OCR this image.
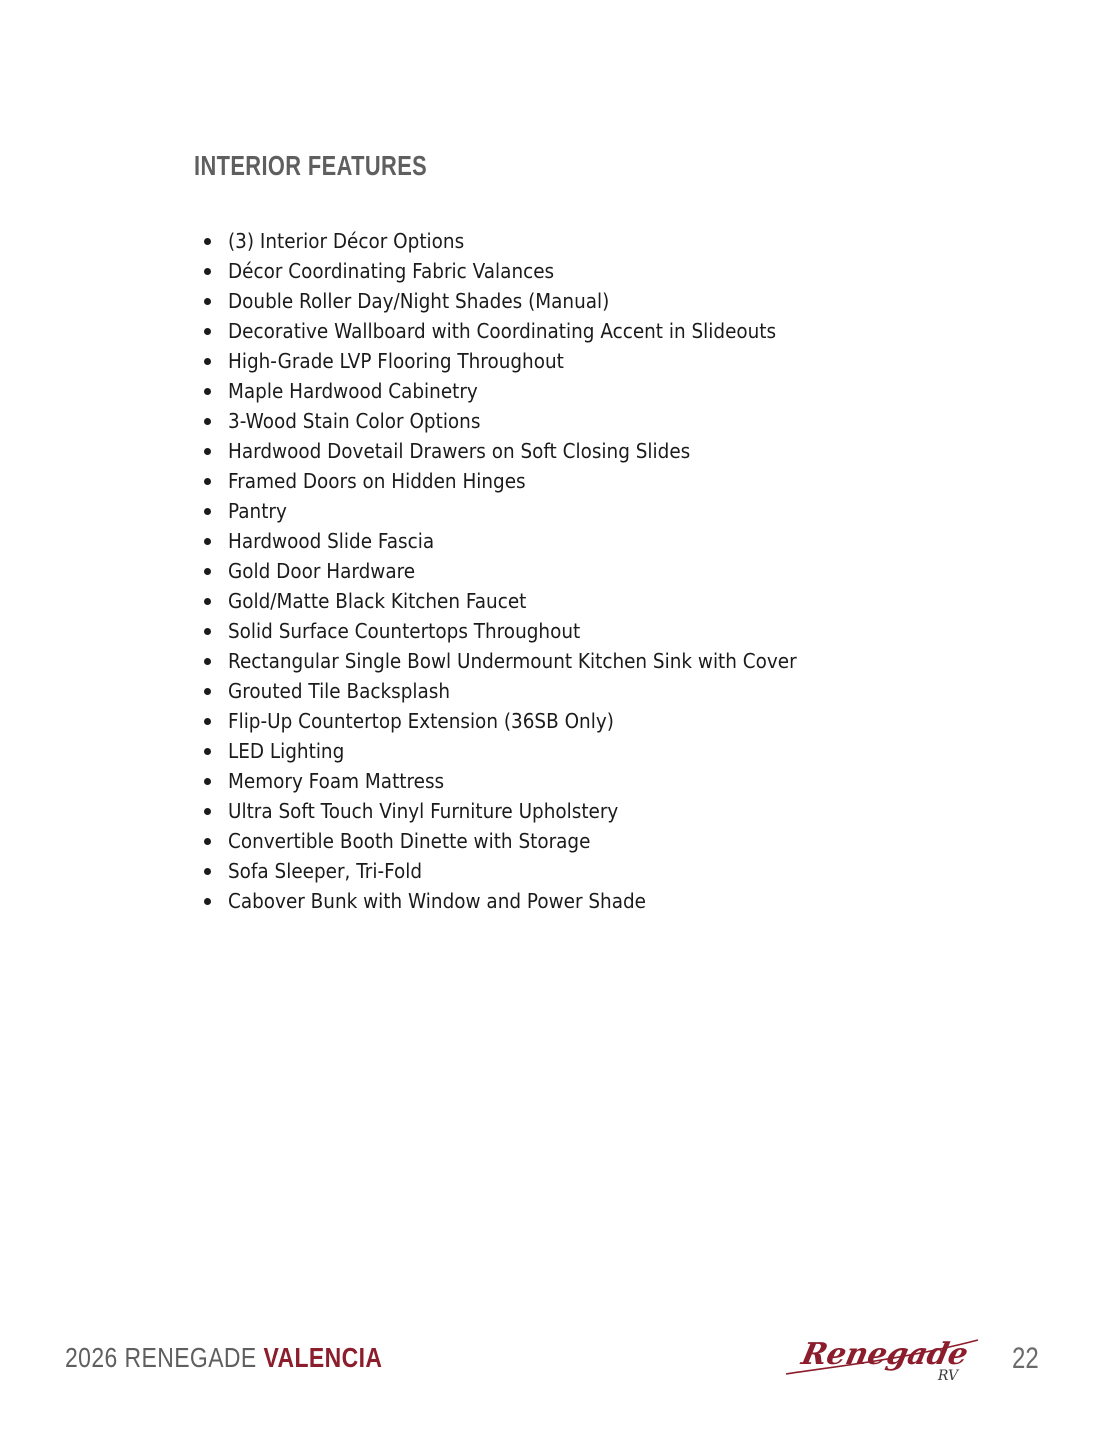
INTERIOR FEATURES
(3) Interior Décor Options
Décor Coordinating Fabric Valances
Double Roller Day/Night Shades (Manual)
Decorative Wallboard with Coordinating Accent in Slideouts
High-Grade LVP Flooring Throughout
Maple Hardwood Cabinetry
3-Wood Stain Color Options
Hardwood Dovetail Drawers on Soft Closing Slides
Framed Doors on Hidden Hinges
Pantry
Hardwood Slide Fascia
Gold Door Hardware
Gold/Matte Black Kitchen Faucet
Solid Surface Countertops Throughout
Rectangular Single Bowl Undermount Kitchen Sink with Cover
Grouted Tile Backsplash
Flip-Up Countertop Extension (36SB Only)
LED Lighting
Memory Foam Mattress
Ultra Soft Touch Vinyl Furniture Upholstery
Convertible Booth Dinette with Storage
Sofa Sleeper, Tri-Fold
Cabover Bunk with Window and Power Shade
2026 RENEGADE VALENCIA	Renegade
RV
22
